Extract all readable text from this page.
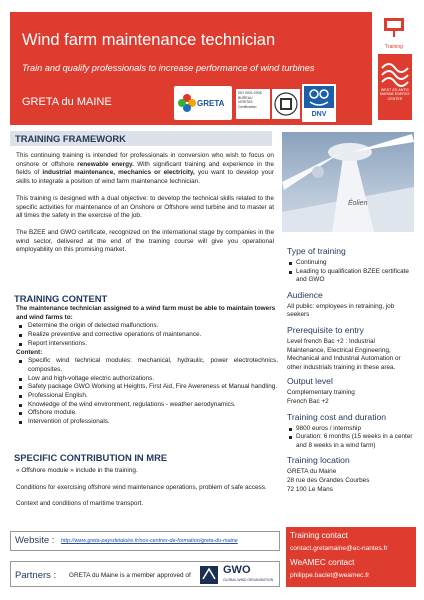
Wind farm maintenance technician
Train and qualify professionals to increase performance of wind turbines
GRETA du MAINE	GRETA
ISO 9001:2008 BUREAU VERITAS Certification
DNV
Training
WEST ATLANTIC MARINE ENERGY CENTER
TRAINING FRAMEWORK

This continuing training is intended for professionals in conversion who wish to focus on onshore or offshore renewable energy. With significant training and experience in the fields of industrial maintenance, mechanics or electricity, you want to develop your skills to integrate a position of wind farm maintenance technician.

This training is designed with a dual objective: to develop the technical skills related to the specific activities for maintenance of an Onshore or Offshore wind turbine and to master at all times the safety in the exercise of the job.

The BZEE and GWO certificate, recognized on the international stage by companies in the wind sector, delivered at the end of the training course will give you operational employability on this promising market.

Éolien
Type of training
Continuing
Leading to qualification BZEE certificate and GWO
Audience
All public: employees in retraining, job seekers
Prerequisite to entry
Level french Bac +2 : Industrial Maintenance, Electrical Engineering, Mechanical and Industrial Automation or other industrials training in these area.
Output level
Complementary training
French Bac +2
Training cost and duration
9800 euros / internship
Duration: 6 months (15 weeks in a center and 8 weeks in a wind farm)
Training location
GRETA du Maine
28 rue des Grandes Courbes
72 100 Le Mans
TRAINING CONTENT
The maintenance technician assigned to a wind farm must be able to maintain towers and wind farms to:
Determine the origin of detected malfunctions.
Realize preventive and corrective operations of maintenance.
Report interventions.
Content:
Specific wind technical modules: mechanical, hydraulic, power electrotechnics, composites.
Low and high-voltage electric authorizations.
Safety package GWO Working at Heights, First Aid, Fire Awereness et Manual handling.
Professional English.
Knowledge of the wind environment, regulations - weather aerodynamics.
Offshore module.
Intervention of professionals.
SPECIFIC CONTRIBUTION IN MRE

« Offshore module » include in the training.

Conditions for exercising offshore wind maintenance operations, problem of safe access.

Context and conditions of maritime transport.

Website : http://www.greta-paysdelaloire.fr/nos-centres-de-formation/greta-du-maine
Partners : GRETA du Maine is a member approved of	GWO
GLOBAL WIND ORGANISATION
Training contact
contact.gretamaine@ac-nantes.fr
WeAMEC contact
philippe.baclet@weamec.fr
